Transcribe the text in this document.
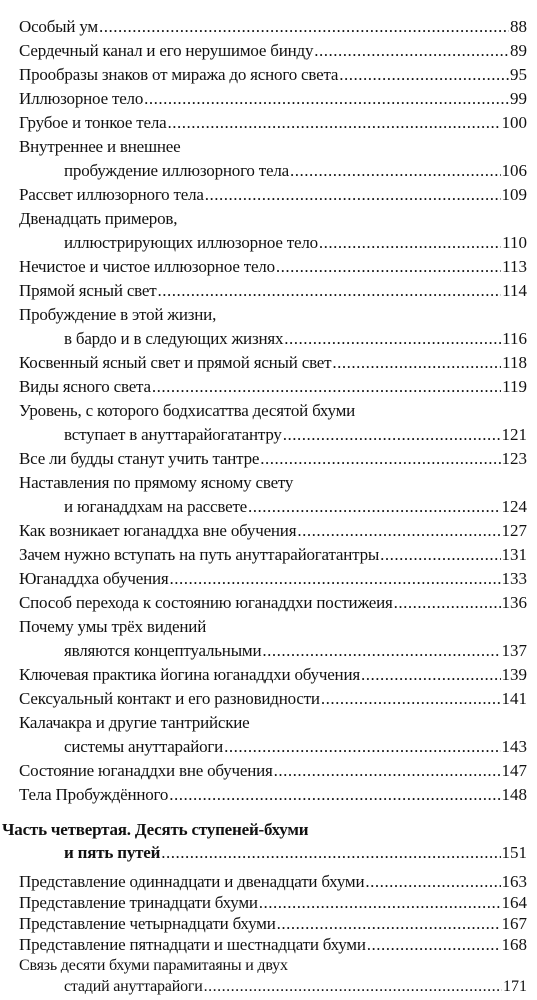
Особый ум .....	88
Сердечный канал и его нерушимое бинду .....	89
Прообразы знаков от миража до ясного света .....	95
Иллюзорное тело .....	99
Грубое и тонкое тела .....	100
Внутреннее и внешнее
пробуждение иллюзорного тела .....	106
Рассвет иллюзорного тела .....	109
Двенадцать примеров,
иллюстрирующих иллюзорное тело .....	110
Нечистое и чистое иллюзорное тело .....	113
Прямой ясный свет .....	114
Пробуждение в этой жизни,
в бардо и в следующих жизнях .....	116
Косвенный ясный свет и прямой ясный свет .....	118
Виды ясного света .....	119
Уровень, с которого бодхисаттва десятой бхуми
вступает в ануттарайогатантру .....	121
Все ли будды станут учить тантре .....	123
Наставления по прямому ясному свету
и юганаддхам на рассвете .....	124
Как возникает юганаддха вне обучения .....	127
Зачем нужно вступать на путь ануттарайогатантры .....	131
Юганаддха обучения .....	133
Способ перехода к состоянию юганаддхи постижеия .....	136
Почему умы трёх видений
являются концептуальными .....	137
Ключевая практика йогина юганаддхи обучения .....	139
Сексуальный контакт и его разновидности .....	141
Калачакра и другие тантрийские
системы ануттарайоги .....	143
Состояние юганаддхи вне обучения .....	147
Тела Пробуждённого .....	148
Часть четвертая. Десять ступеней-бхуми
и пять путей .....	151
Представление одиннадцати и двенадцати бхуми .....	163
Представление тринадцати бхуми .....	164
Представление четырнадцати бхуми .....	167
Представление пятнадцати и шестнадцати бхуми .....	168
Связь десяти бхуми парамитаяны и двух
стадий ануттарайоги .....	171
